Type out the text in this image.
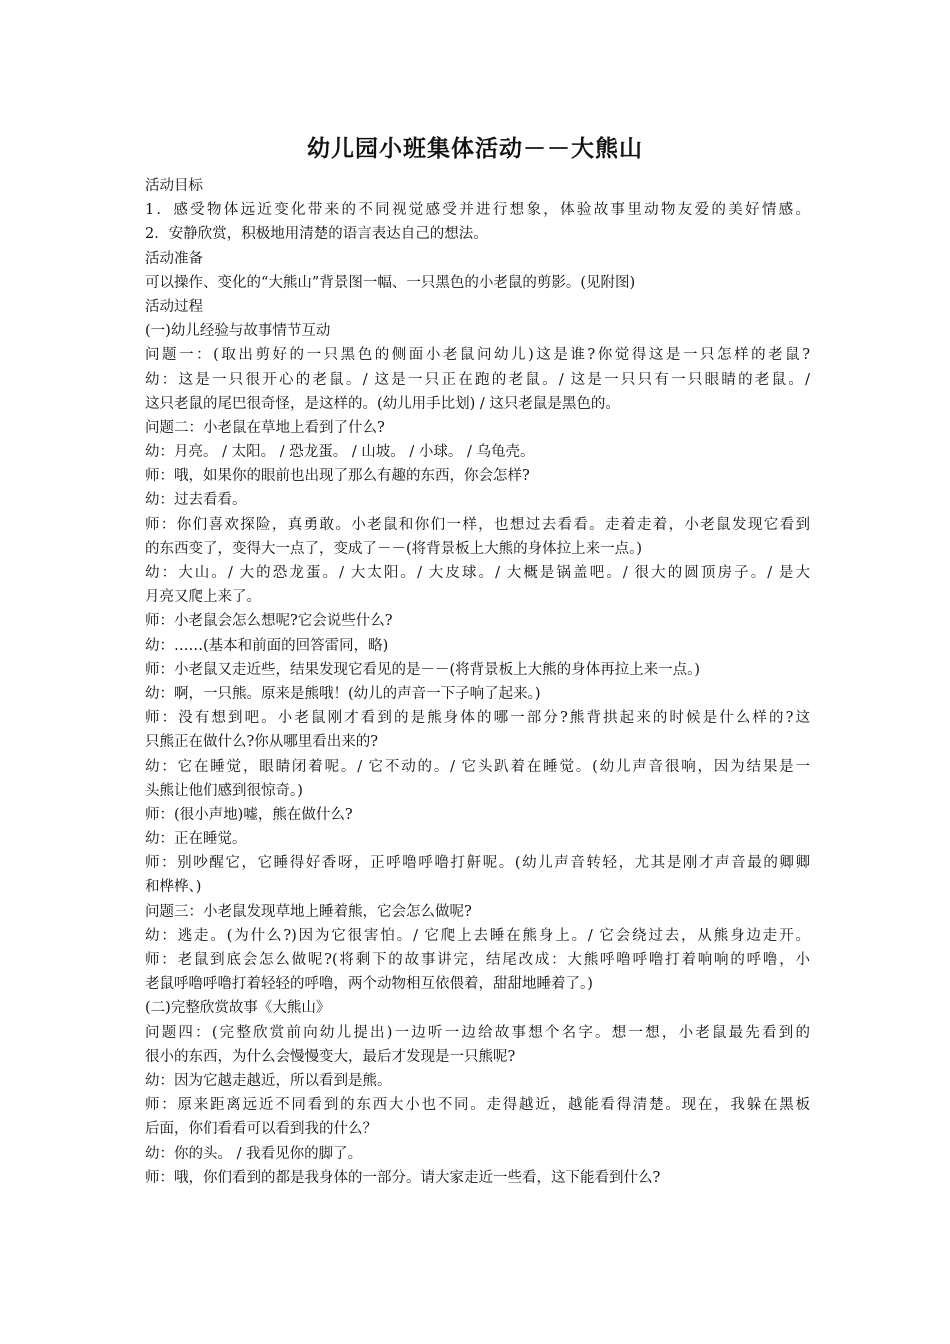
幼儿园小班集体活动－－大熊山

活动目标

1．感受物体远近变化带来的不同视觉感受并进行想象，体验故事里动物友爱的美好情感。

2．安静欣赏，积极地用清楚的语言表达自己的想法。

活动准备

可以操作、变化的“大熊山”背景图一幅、一只黑色的小老鼠的剪影。(见附图)

活动过程

(一)幼儿经验与故事情节互动

问题一：(取出剪好的一只黑色的侧面小老鼠问幼儿)这是谁?你觉得这是一只怎样的老鼠?

幼：这是一只很开心的老鼠。/ 这是一只正在跑的老鼠。/ 这是一只只有一只眼睛的老鼠。/

这只老鼠的尾巴很奇怪，是这样的。(幼儿用手比划) / 这只老鼠是黑色的。

问题二：小老鼠在草地上看到了什么?

幼：月亮。 / 太阳。 / 恐龙蛋。 / 山坡。 / 小球。 / 乌龟壳。

师：哦，如果你的眼前也出现了那么有趣的东西，你会怎样?

幼：过去看看。

师：你们喜欢探险，真勇敢。小老鼠和你们一样，也想过去看看。走着走着，小老鼠发现它看到

的东西变了，变得大一点了，变成了－－(将背景板上大熊的身体拉上来一点。)

幼：大山。/ 大的恐龙蛋。/ 大太阳。/ 大皮球。/ 大概是锅盖吧。/ 很大的圆顶房子。/ 是大

月亮又爬上来了。

师：小老鼠会怎么想呢?它会说些什么?

幼：……(基本和前面的回答雷同，略)

师：小老鼠又走近些，结果发现它看见的是－－(将背景板上大熊的身体再拉上来一点。)

幼：啊，一只熊。原来是熊哦！(幼儿的声音一下子响了起来。)

师：没有想到吧。小老鼠刚才看到的是熊身体的哪一部分?熊背拱起来的时候是什么样的?这

只熊正在做什么?你从哪里看出来的?

幼：它在睡觉，眼睛闭着呢。/ 它不动的。/ 它头趴着在睡觉。(幼儿声音很响，因为结果是一

头熊让他们感到很惊奇。)

师：(很小声地)嘘，熊在做什么?

幼：正在睡觉。

师：别吵醒它，它睡得好香呀，正呼噜呼噜打鼾呢。(幼儿声音转轻，尤其是刚才声音最的卿卿

和桦桦、)

问题三：小老鼠发现草地上睡着熊，它会怎么做呢?

幼：逃走。(为什么?)因为它很害怕。/ 它爬上去睡在熊身上。/ 它会绕过去，从熊身边走开。

师：老鼠到底会怎么做呢?(将剩下的故事讲完，结尾改成：大熊呼噜呼噜打着响响的呼噜，小

老鼠呼噜呼噜打着轻轻的呼噜，两个动物相互依偎着，甜甜地睡着了。)

(二)完整欣赏故事《大熊山》

问题四：(完整欣赏前向幼儿提出)一边听一边给故事想个名字。想一想，小老鼠最先看到的

很小的东西，为什么会慢慢变大，最后才发现是一只熊呢?

幼：因为它越走越近，所以看到是熊。

师：原来距离远近不同看到的东西大小也不同。走得越近，越能看得清楚。现在，我躲在黑板

后面，你们看看可以看到我的什么？

幼：你的头。 / 我看见你的脚了。

师：哦，你们看到的都是我身体的一部分。请大家走近一些看，这下能看到什么?
